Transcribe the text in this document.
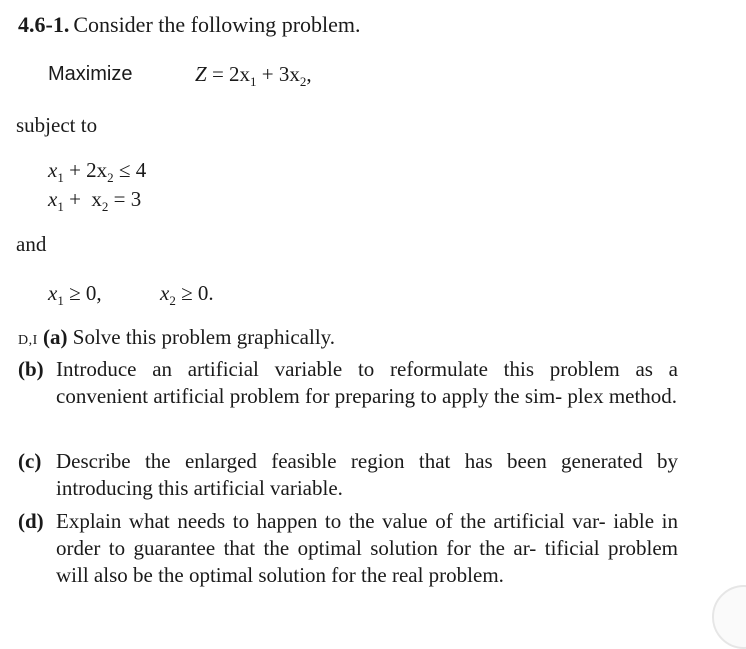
4.6-1. Consider the following problem.
Maximize	$Z = 2x_1 + 3x_2$,
subject to
$x_1 + 2x_2 \le 4$
$x_1 + x_2 = 3$
and
$x_1 \ge 0$,	$x_2 \ge 0$.
D,I (a) Solve this problem graphically.
(b) Introduce an artificial variable to reformulate this problem as a convenient artificial problem for preparing to apply the sim- plex method.
(c) Describe the enlarged feasible region that has been generated by introducing this artificial variable.
(d) Explain what needs to happen to the value of the artificial var- iable in order to guarantee that the optimal solution for the ar- tificial problem will also be the optimal solution for the real problem.
